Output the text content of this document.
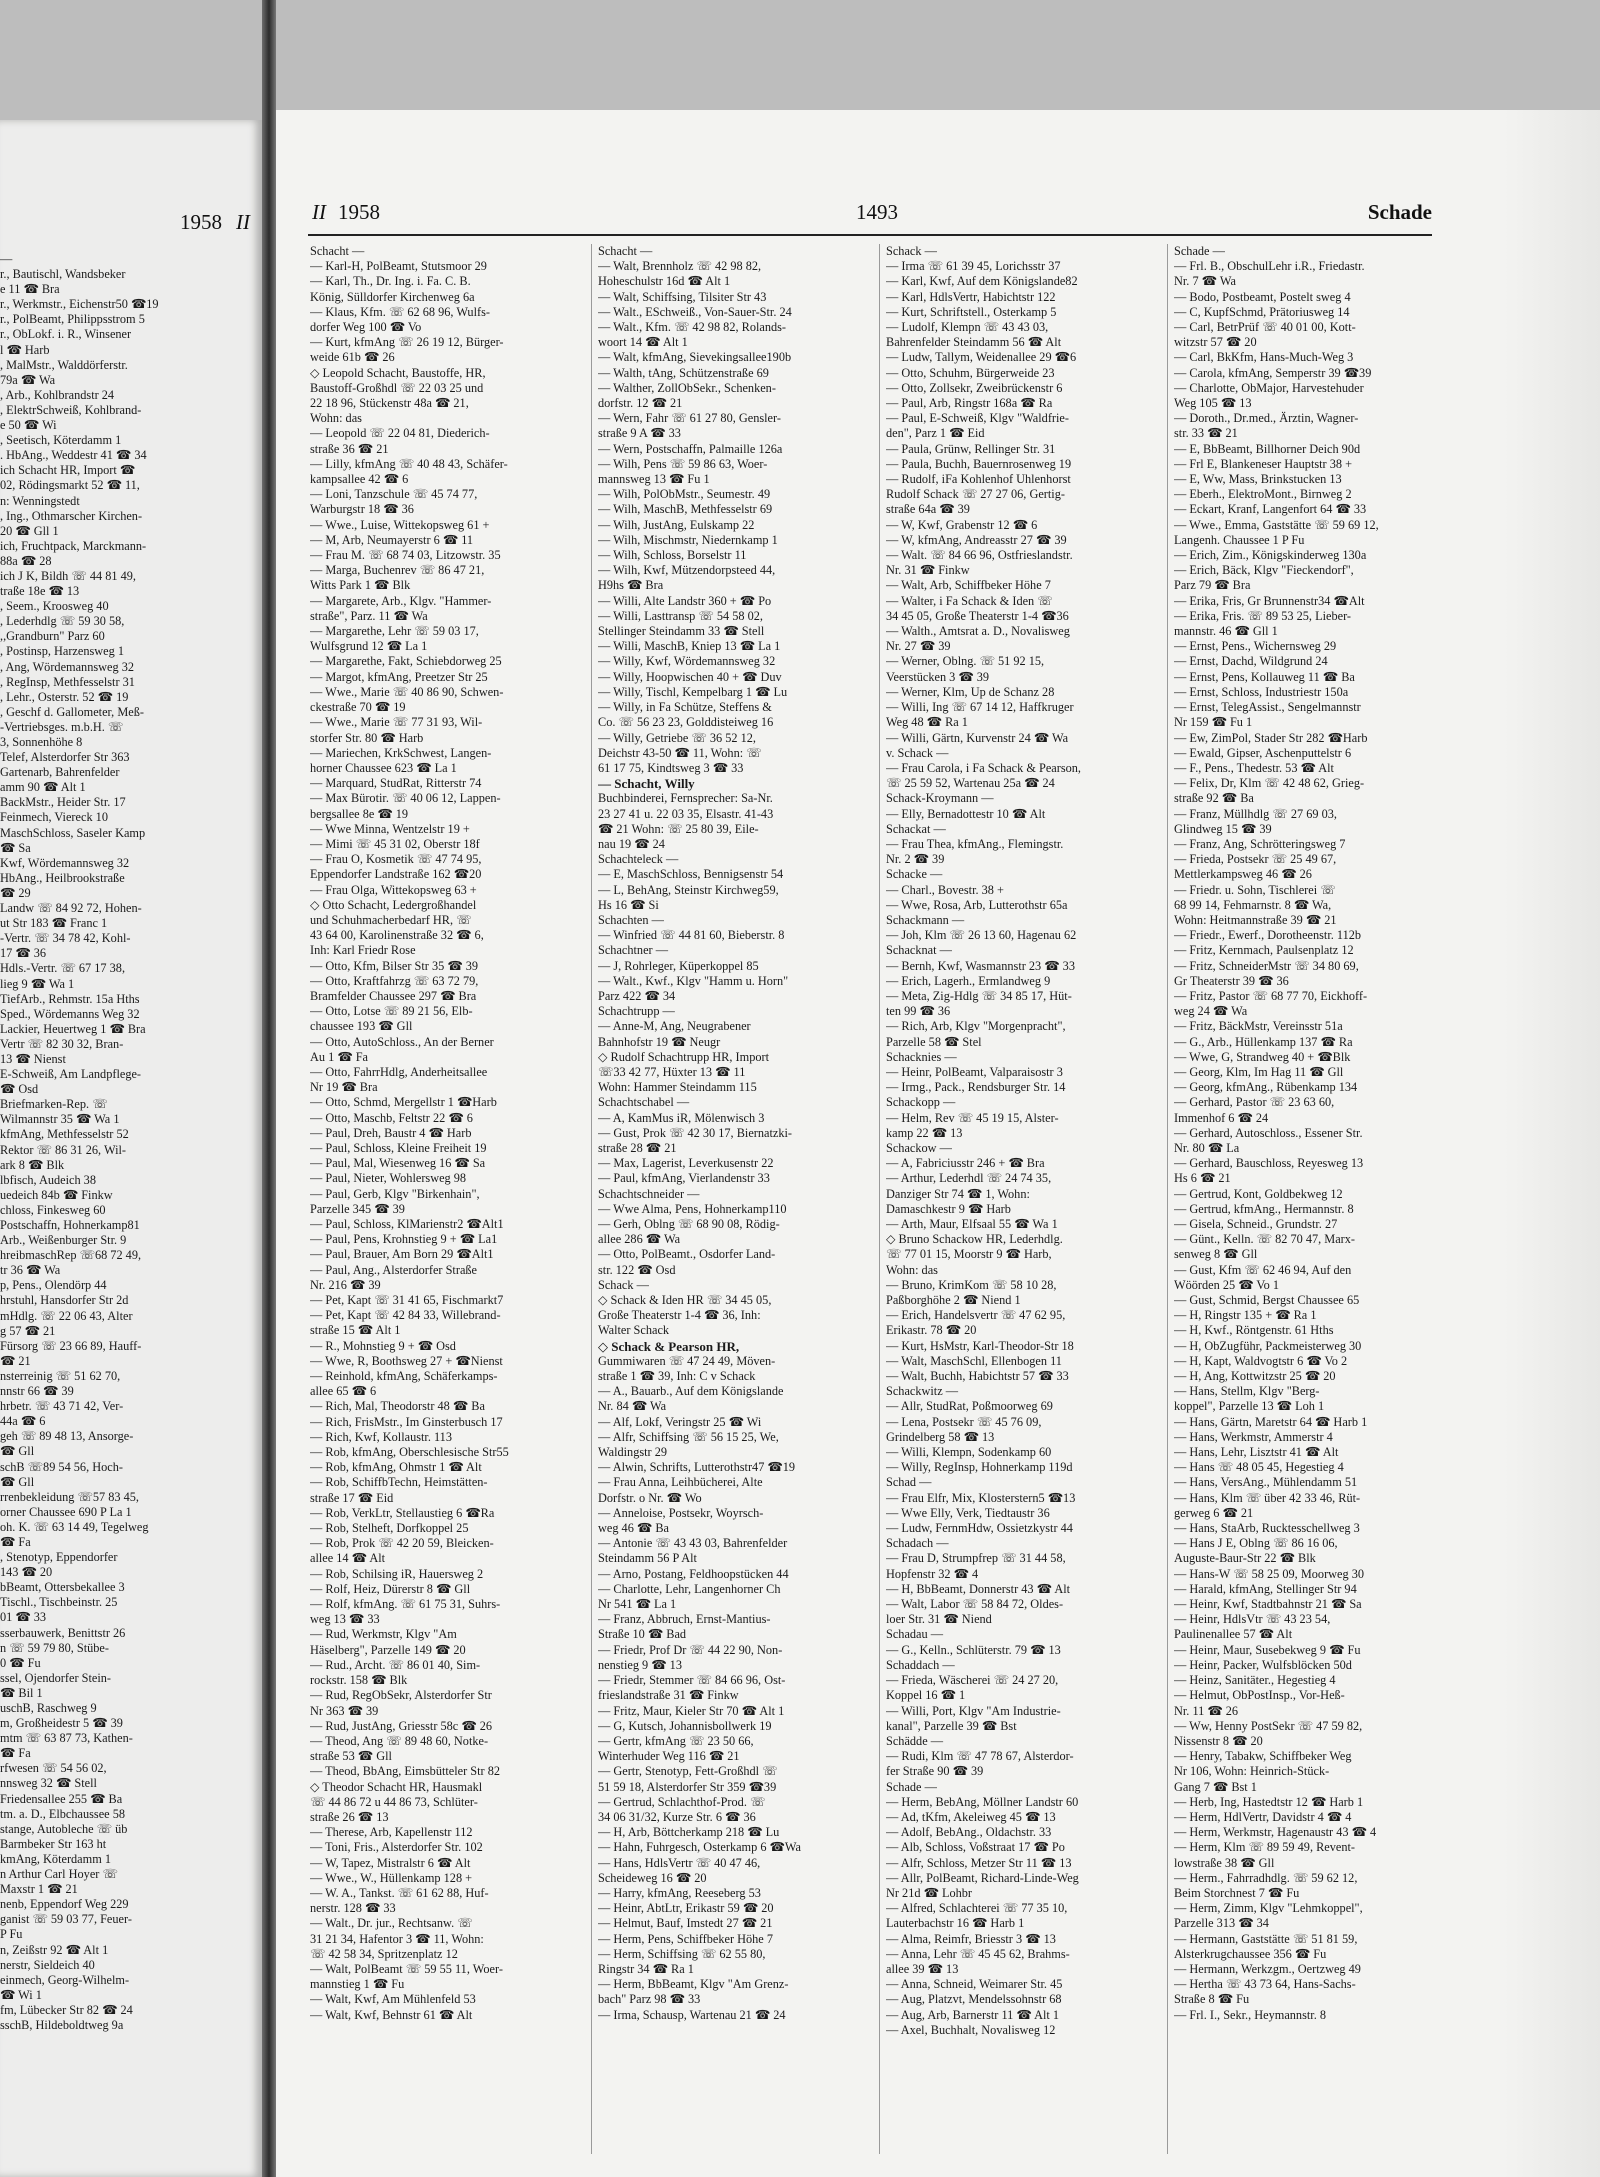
1958 II
—
r., Bautischl, Wandsbeker
e 11 ☎ Bra
r., Werkmstr., Eichenstr50 ☎19
r., PolBeamt, Philippsstrom 5
r., ObLokf. i. R., Winsener
l ☎ Harb
, MalMstr., Walddörferstr.
79a ☎ Wa
, Arb., Kohlbrandstr 24
, ElektrSchweiß, Kohlbrand-
e 50 ☎ Wi
, Seetisch, Köterdamm 1
. HbAng., Weddestr 41 ☎ 34
ich Schacht HR, Import ☎
02, Rödingsmarkt 52 ☎ 11,
n: Wenningstedt
, Ing., Othmarscher Kirchen-
20 ☎ Gll 1
ich, Fruchtpack, Marckmann-
88a ☎ 28
ich J K, Bildh ☏ 44 81 49,
traße 18e ☎ 13
, Seem., Kroosweg 40
, Lederhdlg ☏ 59 30 58,
,,Grandburn" Parz 60
, Postinsp, Harzensweg 1
, Ang, Wördemannsweg 32
, RegInsp, Methfesselstr 31
, Lehr., Osterstr. 52 ☎ 19
, Geschf d. Gallometer, Meß-
-Vertriebsges. m.b.H. ☏
3, Sonnenhöhe 8
Telef, Alsterdorfer Str 363
Gartenarb, Bahrenfelder
amm 90 ☎ Alt 1
BackMstr., Heider Str. 17
Feinmech, Viereck 10
MaschSchloss, Saseler Kamp
☎ Sa
Kwf, Wördemannsweg 32
HbAng., Heilbrookstraße
☎ 29
Landw ☏ 84 92 72, Hohen-
ut Str 183 ☎ Franc 1
-Vertr. ☏ 34 78 42, Kohl-
17 ☎ 36
Hdls.-Vertr. ☏ 67 17 38,
lieg 9 ☎ Wa 1
TiefArb., Rehmstr. 15a Hths
Sped., Wördemanns Weg 32
Lackier, Heuertweg 1 ☎ Bra
Vertr ☏ 82 30 32, Bran-
13 ☎ Nienst
E-Schweiß, Am Landpflege-
☎ Osd
Briefmarken-Rep. ☏
Wilmannstr 35 ☎ Wa 1
kfmAng, Methfesselstr 52
Rektor ☏ 86 31 26, Wil-
ark 8 ☎ Blk
lbfisch, Audeich 38
uedeich 84b ☎ Finkw
chloss, Finkesweg 60
Postschaffn, Hohnerkamp81
Arb., Weißenburger Str. 9
hreibmaschRep ☏68 72 49,
tr 36 ☎ Wa
p, Pens., Olendörp 44
hrstuhl, Hansdorfer Str 2d
mHdlg. ☏ 22 06 43, Alter
g 57 ☎ 21
Fürsorg ☏ 23 66 89, Hauff-
☎ 21
nsterreinig ☏ 51 62 70,
nnstr 66 ☎ 39
hrbetr. ☏ 43 71 42, Ver-
44a ☎ 6
geh ☏ 89 48 13, Ansorge-
☎ Gll
schB ☏89 54 56, Hoch-
☎ Gll
rrenbekleidung ☏57 83 45,
orner Chaussee 690 P La 1
oh. K. ☏ 63 14 49, Tegelweg
☎ Fa
, Stenotyp, Eppendorfer
143 ☎ 20
bBeamt, Ottersbekallee 3
Tischl., Tischbeinstr. 25
01 ☎ 33
sserbauwerk, Benittstr 26
n ☏ 59 79 80, Stübe-
0 ☎ Fu
ssel, Ojendorfer Stein-
☎ Bil 1
uschB, Raschweg 9
m, Großheidestr 5 ☎ 39
mtm ☏ 63 87 73, Kathen-
☎ Fa
rfwesen ☏ 54 56 02,
nnsweg 32 ☎ Stell
Friedensallee 255 ☎ Ba
tm. a. D., Elbchaussee 58
stange, Autobleche ☏ üb
Barmbeker Str 163 ht
kmAng, Köterdamm 1
n Arthur Carl Hoyer ☏
Maxstr 1 ☎ 21
nenb, Eppendorf Weg 229
ganist ☏ 59 03 77, Feuer-
P Fu
n, Zeißstr 92 ☎ Alt 1
nerstr, Sieldeich 40
einmech, Georg-Wilhelm-
☎ Wi 1
fm, Lübecker Str 82 ☎ 24
sschB, Hildeboldtweg 9a
II 1958	1493	Schade
Schacht —
— Karl-H, PolBeamt, Stutsmoor 29
— Karl, Th., Dr. Ing. i. Fa. C. B.
König, Sülldorfer Kirchenweg 6a
— Klaus, Kfm. ☏ 62 68 96, Wulfs-
dorfer Weg 100 ☎ Vo
— Kurt, kfmAng ☏ 26 19 12, Bürger-
weide 61b ☎ 26
◇ Leopold Schacht, Baustoffe, HR,
Baustoff-Großhdl ☏ 22 03 25 und
22 18 96, Stückenstr 48a ☎ 21,
Wohn: das
— Leopold ☏ 22 04 81, Diederich-
straße 36 ☎ 21
— Lilly, kfmAng ☏ 40 48 43, Schäfer-
kampsallee 42 ☎ 6
— Loni, Tanzschule ☏ 45 74 77,
Warburgstr 18 ☎ 36
— Wwe., Luise, Wittekopsweg 61 +
— M, Arb, Neumayerstr 6 ☎ 11
— Frau M. ☏ 68 74 03, Litzowstr. 35
— Marga, Buchenrev ☏ 86 47 21,
Witts Park 1 ☎ Blk
— Margarete, Arb., Klgv. "Hammer-
straße", Parz. 11 ☎ Wa
— Margarethe, Lehr ☏ 59 03 17,
Wulfsgrund 12 ☎ La 1
— Margarethe, Fakt, Schiebdorweg 25
— Margot, kfmAng, Preetzer Str 25
— Wwe., Marie ☏ 40 86 90, Schwen-
ckestraße 70 ☎ 19
— Wwe., Marie ☏ 77 31 93, Wil-
storfer Str. 80 ☎ Harb
— Mariechen, KrkSchwest, Langen-
horner Chaussee 623 ☎ La 1
— Marquard, StudRat, Ritterstr 74
— Max Bürotir. ☏ 40 06 12, Lappen-
bergsallee 8e ☎ 19
— Wwe Minna, Wentzelstr 19 +
— Mimi ☏ 45 31 02, Oberstr 18f
— Frau O, Kosmetik ☏ 47 74 95,
Eppendorfer Landstraße 162 ☎20
— Frau Olga, Wittekopsweg 63 +
◇ Otto Schacht, Ledergroßhandel
und Schuhmacherbedarf HR, ☏
43 64 00, Karolinenstraße 32 ☎ 6,
Inh: Karl Friedr Rose
— Otto, Kfm, Bilser Str 35 ☎ 39
— Otto, Kraftfahrzg ☏ 63 72 79,
Bramfelder Chaussee 297 ☎ Bra
— Otto, Lotse ☏ 89 21 56, Elb-
chaussee 193 ☎ Gll
— Otto, AutoSchloss., An der Berner
Au 1 ☎ Fa
— Otto, FahrrHdlg, Anderheitsallee
Nr 19 ☎ Bra
— Otto, Schmd, Mergellstr 1 ☎Harb
— Otto, Maschb, Feltstr 22 ☎ 6
— Paul, Dreh, Baustr 4 ☎ Harb
— Paul, Schloss, Kleine Freiheit 19
— Paul, Mal, Wiesenweg 16 ☎ Sa
— Paul, Nieter, Wohlersweg 98
— Paul, Gerb, Klgv "Birkenhain",
Parzelle 345 ☎ 39
— Paul, Schloss, KlMarienstr2 ☎Alt1
— Paul, Pens, Krohnstieg 9 + ☎ La1
— Paul, Brauer, Am Born 29 ☎Alt1
— Paul, Ang., Alsterdorfer Straße
Nr. 216 ☎ 39
— Pet, Kapt ☏ 31 41 65, Fischmarkt7
— Pet, Kapt ☏ 42 84 33, Willebrand-
straße 15 ☎ Alt 1
— R., Mohnstieg 9 + ☎ Osd
— Wwe, R, Boothsweg 27 + ☎Nienst
— Reinhold, kfmAng, Schäferkamps-
allee 65 ☎ 6
— Rich, Mal, Theodorstr 48 ☎ Ba
— Rich, FrisMstr., Im Ginsterbusch 17
— Rich, Kwf, Kollaustr. 113
— Rob, kfmAng, Oberschlesische Str55
— Rob, kfmAng, Ohmstr 1 ☎ Alt
— Rob, SchiffbTechn, Heimstätten-
straße 17 ☎ Eid
— Rob, VerkLtr, Stellaustieg 6 ☎Ra
— Rob, Stelheft, Dorfkoppel 25
— Rob, Prok ☏ 42 20 59, Bleicken-
allee 14 ☎ Alt
— Rob, Schilsing iR, Hauersweg 2
— Rolf, Heiz, Dürerstr 8 ☎ Gll
— Rolf, kfmAng. ☏ 61 75 31, Suhrs-
weg 13 ☎ 33
— Rud, Werkmstr, Klgv "Am
Häselberg", Parzelle 149 ☎ 20
— Rud., Archt. ☏ 86 01 40, Sim-
rockstr. 158 ☎ Blk
— Rud, RegObSekr, Alsterdorfer Str
Nr 363 ☎ 39
— Rud, JustAng, Griesstr 58c ☎ 26
— Theod, Ang ☏ 89 48 60, Notke-
straße 53 ☎ Gll
— Theod, BbAng, Eimsbütteler Str 82
◇ Theodor Schacht HR, Hausmakl
☏ 44 86 72 u 44 86 73, Schlüter-
straße 26 ☎ 13
— Therese, Arb, Kapellenstr 112
— Toni, Fris., Alsterdorfer Str. 102
— W, Tapez, Mistralstr 6 ☎ Alt
— Wwe., W., Hüllenkamp 128 +
— W. A., Tankst. ☏ 61 62 88, Huf-
nerstr. 128 ☎ 33
— Walt., Dr. jur., Rechtsanw. ☏
31 21 34, Hafentor 3 ☎ 11, Wohn:
☏ 42 58 34, Spritzenplatz 12
— Walt, PolBeamt ☏ 59 55 11, Woer-
mannstieg 1 ☎ Fu
— Walt, Kwf, Am Mühlenfeld 53
— Walt, Kwf, Behnstr 61 ☎ Alt
Schacht —
— Walt, Brennholz ☏ 42 98 82,
Hoheschulstr 16d ☎ Alt 1
— Walt, Schiffsing, Tilsiter Str 43
— Walt., ESchweiß., Von-Sauer-Str. 24
— Walt., Kfm. ☏ 42 98 82, Rolands-
woort 14 ☎ Alt 1
— Walt, kfmAng, Sievekingsallee190b
— Walth, tAng, Schützenstraße 69
— Walther, ZollObSekr., Schenken-
dorfstr. 12 ☎ 21
— Wern, Fahr ☏ 61 27 80, Gensler-
straße 9 A ☎ 33
— Wern, Postschaffn, Palmaille 126a
— Wilh, Pens ☏ 59 86 63, Woer-
mannsweg 13 ☎ Fu 1
— Wilh, PolObMstr., Seumestr. 49
— Wilh, MaschB, Methfesselstr 69
— Wilh, JustAng, Eulskamp 22
— Wilh, Mischmstr, Niedernkamp 1
— Wilh, Schloss, Borselstr 11
— Wilh, Kwf, Mützendorpsteed 44,
H9hs ☎ Bra
— Willi, Alte Landstr 360 + ☎ Po
— Willi, Lasttransp ☏ 54 58 02,
Stellinger Steindamm 33 ☎ Stell
— Willi, MaschB, Kniep 13 ☎ La 1
— Willy, Kwf, Wördemannsweg 32
— Willy, Hoopwischen 40 + ☎ Duv
— Willy, Tischl, Kempelbarg 1 ☎ Lu
— Willy, in Fa Schütze, Steffens &
Co. ☏ 56 23 23, Golddisteiweg 16
— Willy, Getriebe ☏ 36 52 12,
Deichstr 43-50 ☎ 11, Wohn: ☏
61 17 75, Kindtsweg 3 ☎ 33
— Schacht, Willy
Buchbinderei, Fernsprecher: Sa-Nr.
23 27 41 u. 22 03 35, Elsastr. 41-43
☎ 21 Wohn: ☏ 25 80 39, Eile-
nau 19 ☎ 24
Schachteleck —
— E, MaschSchloss, Bennigsenstr 54
— L, BehAng, Steinstr Kirchweg59,
Hs 16 ☎ Si
Schachten —
— Winfried ☏ 44 81 60, Bieberstr. 8
Schachtner —
— J, Rohrleger, Küperkoppel 85
— Walt., Kwf., Klgv "Hamm u. Horn"
Parz 422 ☎ 34
Schachtrupp —
— Anne-M, Ang, Neugrabener
Bahnhofstr 19 ☎ Neugr
◇ Rudolf Schachtrupp HR, Import
☏33 42 77, Hüxter 13 ☎ 11
Wohn: Hammer Steindamm 115
Schachtschabel —
— A, KamMus iR, Mölenwisch 3
— Gust, Prok ☏ 42 30 17, Biernatzki-
straße 28 ☎ 21
— Max, Lagerist, Leverkusenstr 22
— Paul, kfmAng, Vierlandenstr 33
Schachtschneider —
— Wwe Alma, Pens, Hohnerkamp110
— Gerh, Oblng ☏ 68 90 08, Rödig-
allee 286 ☎ Wa
— Otto, PolBeamt., Osdorfer Land-
str. 122 ☎ Osd
Schack —
◇ Schack & Iden HR ☏ 34 45 05,
Große Theaterstr 1-4 ☎ 36, Inh:
Walter Schack
◇ Schack & Pearson HR,
Gummiwaren ☏ 47 24 49, Möven-
straße 1 ☎ 39, Inh: C v Schack
— A., Bauarb., Auf dem Königslande
Nr. 84 ☎ Wa
— Alf, Lokf, Veringstr 25 ☎ Wi
— Alfr, Schiffsing ☏ 56 15 25, We,
Waldingstr 29
— Alwin, Schrifts, Lutterothstr47 ☎19
— Frau Anna, Leihbücherei, Alte
Dorfstr. o Nr. ☎ Wo
— Anneloise, Postsekr, Woyrsch-
weg 46 ☎ Ba
— Antonie ☏ 43 43 03, Bahrenfelder
Steindamm 56 P Alt
— Arno, Postang, Feldhoopstücken 44
— Charlotte, Lehr, Langenhorner Ch
Nr 541 ☎ La 1
— Franz, Abbruch, Ernst-Mantius-
Straße 10 ☎ Bad
— Friedr, Prof Dr ☏ 44 22 90, Non-
nenstieg 9 ☎ 13
— Friedr, Stemmer ☏ 84 66 96, Ost-
frieslandstraße 31 ☎ Finkw
— Fritz, Maur, Kieler Str 70 ☎ Alt 1
— G, Kutsch, Johannisbollwerk 19
— Gertr, kfmAng ☏ 23 50 66,
Winterhuder Weg 116 ☎ 21
— Gertr, Stenotyp, Fett-Großhdl ☏
51 59 18, Alsterdorfer Str 359 ☎39
— Gertrud, Schlachthof-Prod. ☏
34 06 31/32, Kurze Str. 6 ☎ 36
— H, Arb, Böttcherkamp 218 ☎ Lu
— Hahn, Fuhrgesch, Osterkamp 6 ☎Wa
— Hans, HdlsVertr ☏ 40 47 46,
Scheideweg 16 ☎ 20
— Harry, kfmAng, Reeseberg 53
— Heinr, AbtLtr, Erikastr 59 ☎ 20
— Helmut, Bauf, Imstedt 27 ☎ 21
— Herm, Pens, Schiffbeker Höhe 7
— Herm, Schiffsing ☏ 62 55 80,
Ringstr 34 ☎ Ra 1
— Herm, BbBeamt, Klgv "Am Grenz-
bach" Parz 98 ☎ 33
— Irma, Schausp, Wartenau 21 ☎ 24
Schack —
— Irma ☏ 61 39 45, Lorichsstr 37
— Karl, Kwf, Auf dem Königslande82
— Karl, HdlsVertr, Habichtstr 122
— Kurt, Schriftstell., Osterkamp 5
— Ludolf, Klempn ☏ 43 43 03,
Bahrenfelder Steindamm 56 ☎ Alt
— Ludw, Tallym, Weidenallee 29 ☎6
— Otto, Schuhm, Bürgerweide 23
— Otto, Zollsekr, Zweibrückenstr 6
— Paul, Arb, Ringstr 168a ☎ Ra
— Paul, E-Schweiß, Klgv "Waldfrie-
den", Parz 1 ☎ Eid
— Paula, Grünw, Rellinger Str. 31
— Paula, Buchh, Bauernrosenweg 19
— Rudolf, iFa Kohlenhof Uhlenhorst
Rudolf Schack ☏ 27 27 06, Gertig-
straße 64a ☎ 39
— W, Kwf, Grabenstr 12 ☎ 6
— W, kfmAng, Andreasstr 27 ☎ 39
— Walt. ☏ 84 66 96, Ostfrieslandstr.
Nr. 31 ☎ Finkw
— Walt, Arb, Schiffbeker Höhe 7
— Walter, i Fa Schack & Iden ☏
34 45 05, Große Theaterstr 1-4 ☎36
— Walth., Amtsrat a. D., Novalisweg
Nr. 27 ☎ 39
— Werner, Oblng. ☏ 51 92 15,
Veerstücken 3 ☎ 39
— Werner, Klm, Up de Schanz 28
— Willi, Ing ☏ 67 14 12, Haffkruger
Weg 48 ☎ Ra 1
— Willi, Gärtn, Kurvenstr 24 ☎ Wa
v. Schack —
— Frau Carola, i Fa Schack & Pearson,
☏ 25 59 52, Wartenau 25a ☎ 24
Schack-Kroymann —
— Elly, Bernadottestr 10 ☎ Alt
Schackat —
— Frau Thea, kfmAng., Flemingstr.
Nr. 2 ☎ 39
Schacke —
— Charl., Bovestr. 38 +
— Wwe, Rosa, Arb, Lutterothstr 65a
Schackmann —
— Joh, Klm ☏ 26 13 60, Hagenau 62
Schacknat —
— Bernh, Kwf, Wasmannstr 23 ☎ 33
— Erich, Lagerh., Ermlandweg 9
— Meta, Zig-Hdlg ☏ 34 85 17, Hüt-
ten 99 ☎ 36
— Rich, Arb, Klgv "Morgenpracht",
Parzelle 58 ☎ Stel
Schacknies —
— Heinr, PolBeamt, Valparaisostr 3
— Irmg., Pack., Rendsburger Str. 14
Schackopp —
— Helm, Rev ☏ 45 19 15, Alster-
kamp 22 ☎ 13
Schackow —
— A, Fabriciusstr 246 + ☎ Bra
— Arthur, Lederhdl ☏ 24 74 35,
Danziger Str 74 ☎ 1, Wohn:
Damaschkestr 9 ☎ Harb
— Arth, Maur, Elfsaal 55 ☎ Wa 1
◇ Bruno Schackow HR, Lederhdlg.
☏ 77 01 15, Moorstr 9 ☎ Harb,
Wohn: das
— Bruno, KrimKom ☏ 58 10 28,
Paßborghöhe 2 ☎ Niend 1
— Erich, Handelsvertr ☏ 47 62 95,
Erikastr. 78 ☎ 20
— Kurt, HsMstr, Karl-Theodor-Str 18
— Walt, MaschSchl, Ellenbogen 11
— Walt, Buchh, Habichtstr 57 ☎ 33
Schackwitz —
— Allr, StudRat, Poßmoorweg 69
— Lena, Postsekr ☏ 45 76 09,
Grindelberg 58 ☎ 13
— Willi, Klempn, Sodenkamp 60
— Willy, RegInsp, Hohnerkamp 119d
Schad —
— Frau Elfr, Mix, Klosterstern5 ☎13
— Wwe Elly, Verk, Tiedtaustr 36
— Ludw, FernmHdw, Ossietzkystr 44
Schadach —
— Frau D, Strumpfrep ☏ 31 44 58,
Hopfenstr 32 ☎ 4
— H, BbBeamt, Donnerstr 43 ☎ Alt
— Walt, Labor ☏ 58 84 72, Oldes-
loer Str. 31 ☎ Niend
Schadau —
— G., Kelln., Schlüterstr. 79 ☎ 13
Schaddach —
— Frieda, Wäscherei ☏ 24 27 20,
Koppel 16 ☎ 1
— Willi, Port, Klgv "Am Industrie-
kanal", Parzelle 39 ☎ Bst
Schädde —
— Rudi, Klm ☏ 47 78 67, Alsterdor-
fer Straße 90 ☎ 39
Schade —
— Herm, BebAng, Möllner Landstr 60
— Ad, tKfm, Akeleiweg 45 ☎ 13
— Adolf, BebAng., Oldachstr. 33
— Alb, Schloss, Voßstraat 17 ☎ Po
— Alfr, Schloss, Metzer Str 11 ☎ 13
— Allr, PolBeamt, Richard-Linde-Weg
Nr 21d ☎ Lohbr
— Alfred, Schlachterei ☏ 77 35 10,
Lauterbachstr 16 ☎ Harb 1
— Alma, Reimfr, Briesstr 3 ☎ 13
— Anna, Lehr ☏ 45 45 62, Brahms-
allee 39 ☎ 13
— Anna, Schneid, Weimarer Str. 45
— Aug, Platzvt, Mendelssohnstr 68
— Aug, Arb, Barnerstr 11 ☎ Alt 1
— Axel, Buchhalt, Novalisweg 12
Schade —
— Frl. B., ObschulLehr i.R., Friedastr.
Nr. 7 ☎ Wa
— Bodo, Postbeamt, Postelt sweg 4
— C, KupfSchmd, Prätoriusweg 14
— Carl, BetrPrüf ☏ 40 01 00, Kott-
witzstr 57 ☎ 20
— Carl, BkKfm, Hans-Much-Weg 3
— Carola, kfmAng, Semperstr 39 ☎39
— Charlotte, ObMajor, Harvestehuder
Weg 105 ☎ 13
— Doroth., Dr.med., Ärztin, Wagner-
str. 33 ☎ 21
— E, BbBeamt, Billhorner Deich 90d
— Frl E, Blankeneser Hauptstr 38 +
— E, Ww, Mass, Brinkstucken 13
— Eberh., ElektroMont., Birnweg 2
— Eckart, Kranf, Langenfort 64 ☎ 33
— Wwe., Emma, Gaststätte ☏ 59 69 12,
Langenh. Chaussee 1 P Fu
— Erich, Zim., Königskinderweg 130a
— Erich, Bäck, Klgv "Fieckendorf",
Parz 79 ☎ Bra
— Erika, Fris, Gr Brunnenstr34 ☎Alt
— Erika, Fris. ☏ 89 53 25, Lieber-
mannstr. 46 ☎ Gll 1
— Ernst, Pens., Wichernsweg 29
— Ernst, Dachd, Wildgrund 24
— Ernst, Pens, Kollauweg 11 ☎ Ba
— Ernst, Schloss, Industriestr 150a
— Ernst, TelegAssist., Sengelmannstr
Nr 159 ☎ Fu 1
— Ew, ZimPol, Stader Str 282 ☎Harb
— Ewald, Gipser, Aschenputtelstr 6
— F., Pens., Thedestr. 53 ☎ Alt
— Felix, Dr, Klm ☏ 42 48 62, Grieg-
straße 92 ☎ Ba
— Franz, Müllhdlg ☏ 27 69 03,
Glindweg 15 ☎ 39
— Franz, Ang, Schrötteringsweg 7
— Frieda, Postsekr ☏ 25 49 67,
Mettlerkampsweg 46 ☎ 26
— Friedr. u. Sohn, Tischlerei ☏
68 99 14, Fehmarnstr. 8 ☎ Wa,
Wohn: Heitmannstraße 39 ☎ 21
— Friedr., Ewerf., Dorotheenstr. 112b
— Fritz, Kernmach, Paulsenplatz 12
— Fritz, SchneiderMstr ☏ 34 80 69,
Gr Theaterstr 39 ☎ 36
— Fritz, Pastor ☏ 68 77 70, Eickhoff-
weg 24 ☎ Wa
— Fritz, BäckMstr, Vereinsstr 51a
— G., Arb., Hüllenkamp 137 ☎ Ra
— Wwe, G, Strandweg 40 + ☎Blk
— Georg, Klm, Im Hag 11 ☎ Gll
— Georg, kfmAng., Rübenkamp 134
— Gerhard, Pastor ☏ 23 63 60,
Immenhof 6 ☎ 24
— Gerhard, Autoschloss., Essener Str.
Nr. 80 ☎ La
— Gerhard, Bauschloss, Reyesweg 13
Hs 6 ☎ 21
— Gertrud, Kont, Goldbekweg 12
— Gertrud, kfmAng., Hermannstr. 8
— Gisela, Schneid., Grundstr. 27
— Günt., Kelln. ☏ 82 70 47, Marx-
senweg 8 ☎ Gll
— Gust, Kfm ☏ 62 46 94, Auf den
Wöörden 25 ☎ Vo 1
— Gust, Schmid, Bergst Chaussee 65
— H, Ringstr 135 + ☎ Ra 1
— H, Kwf., Röntgenstr. 61 Hths
— H, ObZugführ, Packmeisterweg 30
— H, Kapt, Waldvogtstr 6 ☎ Vo 2
— H, Ang, Kottwitzstr 25 ☎ 20
— Hans, Stellm, Klgv "Berg-
koppel", Parzelle 13 ☎ Loh 1
— Hans, Gärtn, Maretstr 64 ☎ Harb 1
— Hans, Werkmstr, Ammerstr 4
— Hans, Lehr, Lisztstr 41 ☎ Alt
— Hans ☏ 48 05 45, Hegestieg 4
— Hans, VersAng., Mühlendamm 51
— Hans, Klm ☏ über 42 33 46, Rüt-
gerweg 6 ☎ 21
— Hans, StaArb, Rucktesschellweg 3
— Hans J E, Oblng ☏ 86 16 06,
Auguste-Baur-Str 22 ☎ Blk
— Hans-W ☏ 58 25 09, Moorweg 30
— Harald, kfmAng, Stellinger Str 94
— Heinr, Kwf, Stadtbahnstr 21 ☎ Sa
— Heinr, HdlsVtr ☏ 43 23 54,
Paulinenallee 57 ☎ Alt
— Heinr, Maur, Susebekweg 9 ☎ Fu
— Heinr, Packer, Wulfsblöcken 50d
— Heinz, Sanitäter., Hegestieg 4
— Helmut, ObPostInsp., Vor-Heß-
Nr. 11 ☎ 26
— Ww, Henny PostSekr ☏ 47 59 82,
Nissenstr 8 ☎ 20
— Henry, Tabakw, Schiffbeker Weg
Nr 106, Wohn: Heinrich-Stück-
Gang 7 ☎ Bst 1
— Herb, Ing, Hastedtstr 12 ☎ Harb 1
— Herm, HdlVertr, Davidstr 4 ☎ 4
— Herm, Werkmstr, Hagenaustr 43 ☎ 4
— Herm, Klm ☏ 89 59 49, Revent-
lowstraße 38 ☎ Gll
— Herm., Fahrradhdlg. ☏ 59 62 12,
Beim Storchnest 7 ☎ Fu
— Herm, Zimm, Klgv "Lehmkoppel",
Parzelle 313 ☎ 34
— Hermann, Gaststätte ☏ 51 81 59,
Alsterkrugchaussee 356 ☎ Fu
— Hermann, Werkzgm., Oertzweg 49
— Hertha ☏ 43 73 64, Hans-Sachs-
Straße 8 ☎ Fu
— Frl. I., Sekr., Heymannstr. 8
